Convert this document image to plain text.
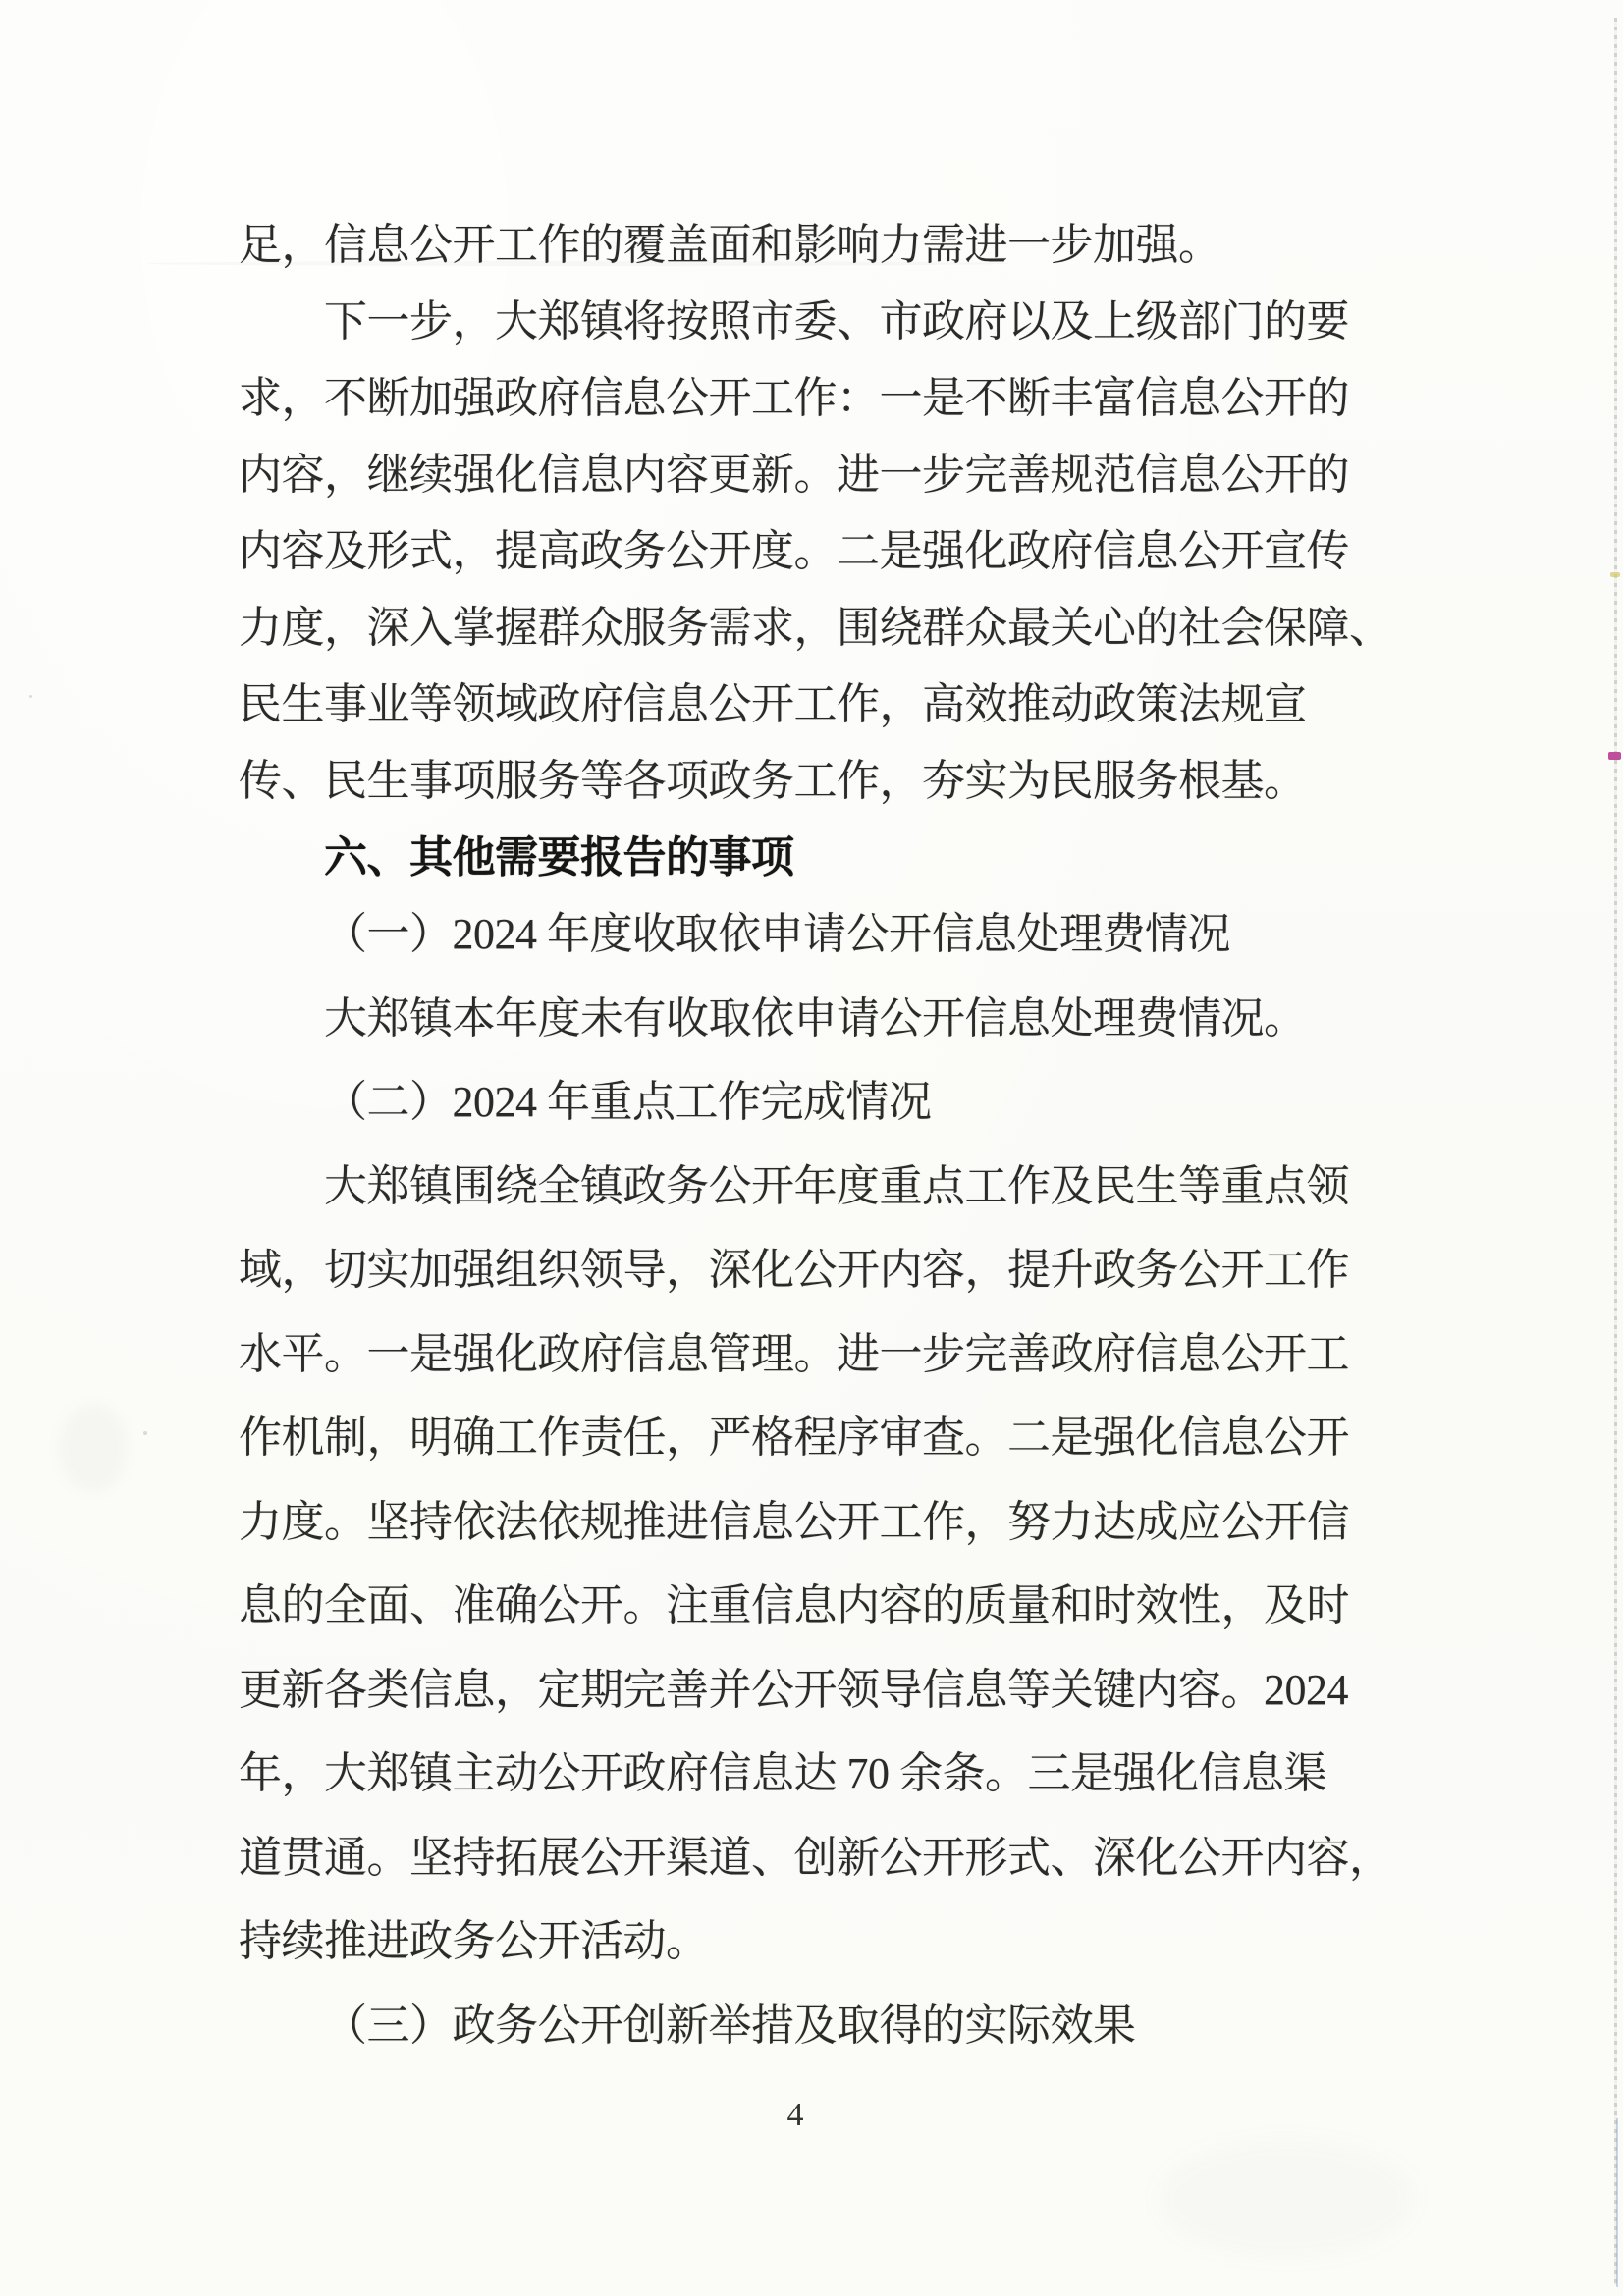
足，信息公开工作的覆盖面和影响力需进一步加强。
下一步，大郑镇将按照市委、市政府以及上级部门的要
求，不断加强政府信息公开工作：一是不断丰富信息公开的
内容，继续强化信息内容更新。进一步完善规范信息公开的
内容及形式，提高政务公开度。二是强化政府信息公开宣传
力度，深入掌握群众服务需求，围绕群众最关心的社会保障、
民生事业等领域政府信息公开工作，高效推动政策法规宣
传、民生事项服务等各项政务工作，夯实为民服务根基。
六、其他需要报告的事项
（一）2024 年度收取依申请公开信息处理费情况
大郑镇本年度未有收取依申请公开信息处理费情况。
（二）2024 年重点工作完成情况
大郑镇围绕全镇政务公开年度重点工作及民生等重点领
域，切实加强组织领导，深化公开内容，提升政务公开工作
水平。一是强化政府信息管理。进一步完善政府信息公开工
作机制，明确工作责任，严格程序审查。二是强化信息公开
力度。坚持依法依规推进信息公开工作，努力达成应公开信
息的全面、准确公开。注重信息内容的质量和时效性，及时
更新各类信息，定期完善并公开领导信息等关键内容。2024
年，大郑镇主动公开政府信息达 70 余条。三是强化信息渠
道贯通。坚持拓展公开渠道、创新公开形式、深化公开内容，
持续推进政务公开活动。
（三）政务公开创新举措及取得的实际效果
4
